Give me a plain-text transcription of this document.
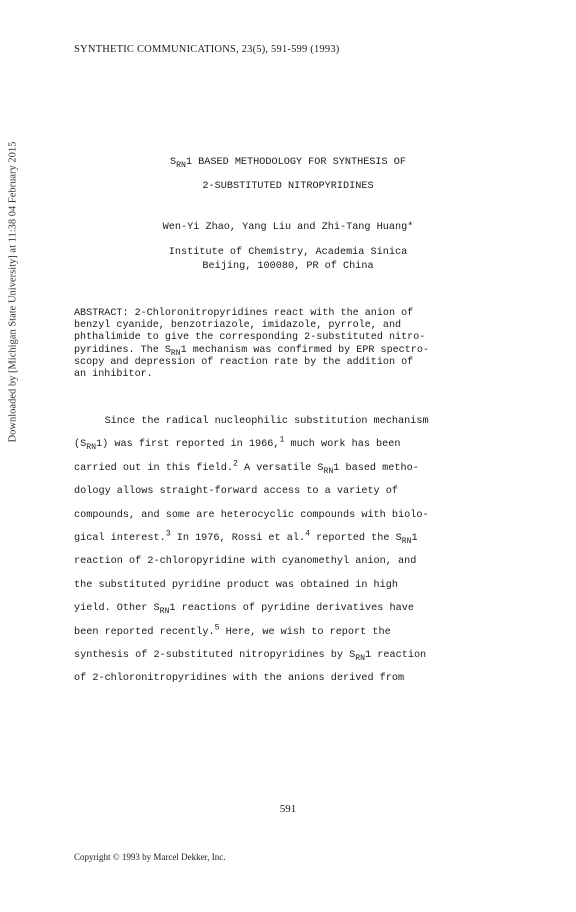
SYNTHETIC COMMUNICATIONS, 23(5), 591-599 (1993)
Downloaded by [Michigan State University] at 11:38 04 February 2015	$S_{RN}1$ BASED METHODOLOGY FOR SYNTHESIS OF
2-SUBSTITUTED NITROPYRIDINES
Wen-Yi Zhao, Yang Liu and Zhi-Tang Huang*
Institute of Chemistry, Academia Sinica
Beijing, 100080, PR of China
ABSTRACT: 2-Chloronitropyridines react with the anion of
benzyl cyanide, benzotriazole, imidazole, pyrrole, and
phthalimide to give the corresponding 2-substituted nitro-
pyridines. The $S_{RN}1$ mechanism was confirmed by EPR spectro-
scopy and depression of reaction rate by the addition of
an inhibitor.
Since the radical nucleophilic substitution mechanism
$(S_{RN}1)$ was first reported in 1966,$^1$ much work has been
carried out in this field.$^2$ A versatile $S_{RN}1$ based metho-
dology allows straight-forward access to a variety of
compounds, and some are heterocyclic compounds with biolo-
gical interest.$^3$ In 1976, Rossi et al.$^4$ reported the $S_{RN}1$
reaction of 2-chloropyridine with cyanomethyl anion, and
the substituted pyridine product was obtained in high
yield. Other $S_{RN}1$ reactions of pyridine derivatives have
been reported recently.$^5$ Here, we wish to report the
synthesis of 2-substituted nitropyridines by $S_{RN}1$ reaction
of 2-chloronitropyridines with the anions derived from
591
Copyright © 1993 by Marcel Dekker, Inc.
